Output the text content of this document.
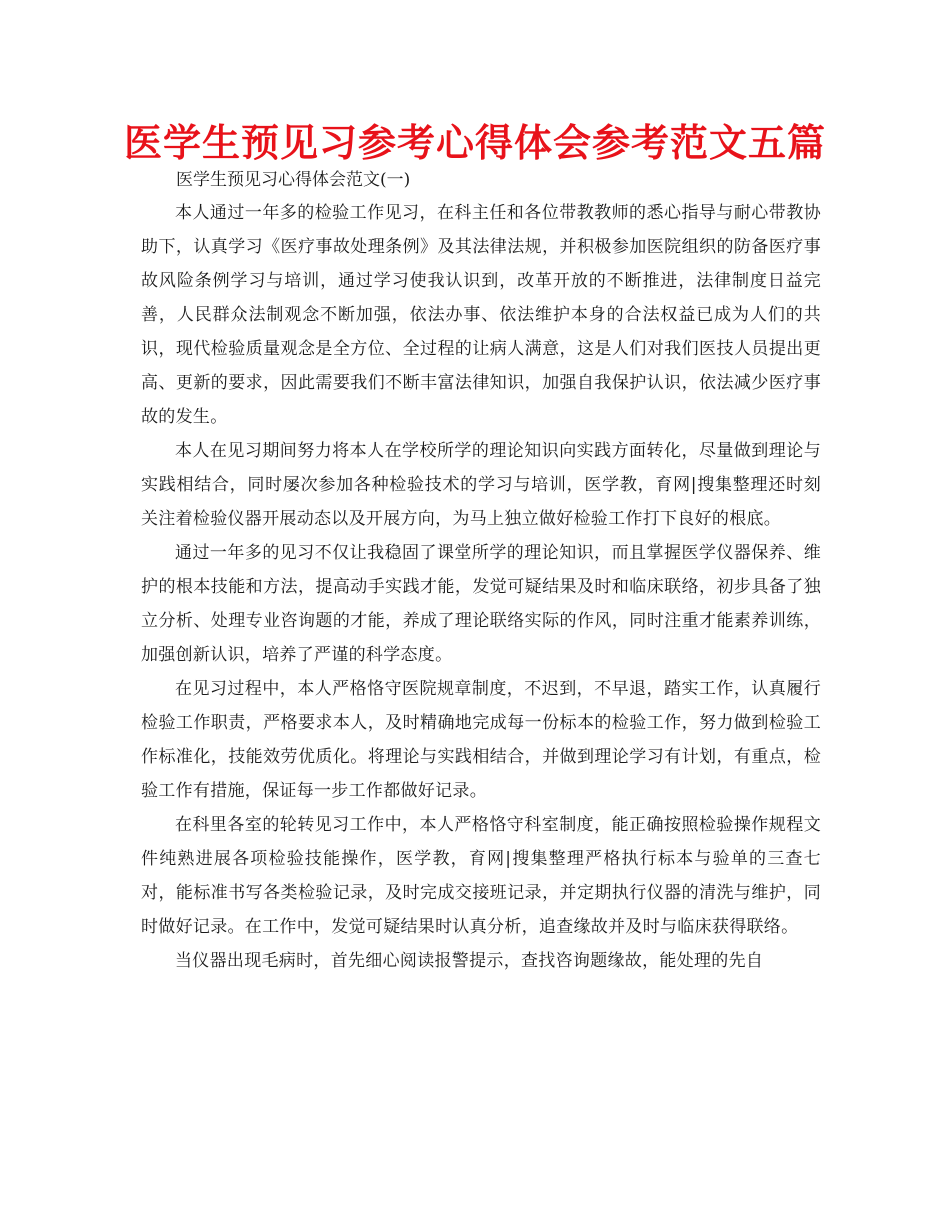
医学生预见习参考心得体会参考范文五篇

医学生预见习心得体会范文(一)

本人通过一年多的检验工作见习，在科主任和各位带教教师的悉心指导与耐心带教协助下，认真学习《医疗事故处理条例》及其法律法规，并积极参加医院组织的防备医疗事故风险条例学习与培训，通过学习使我认识到，改革开放的不断推进，法律制度日益完善，人民群众法制观念不断加强，依法办事、依法维护本身的合法权益已成为人们的共识，现代检验质量观念是全方位、全过程的让病人满意，这是人们对我们医技人员提出更高、更新的要求，因此需要我们不断丰富法律知识，加强自我保护认识，依法减少医疗事故的发生。

本人在见习期间努力将本人在学校所学的理论知识向实践方面转化，尽量做到理论与实践相结合，同时屡次参加各种检验技术的学习与培训，医学教，育网|搜集整理还时刻关注着检验仪器开展动态以及开展方向，为马上独立做好检验工作打下良好的根底。

通过一年多的见习不仅让我稳固了课堂所学的理论知识，而且掌握医学仪器保养、维护的根本技能和方法，提高动手实践才能，发觉可疑结果及时和临床联络，初步具备了独立分析、处理专业咨询题的才能，养成了理论联络实际的作风，同时注重才能素养训练，加强创新认识，培养了严谨的科学态度。

在见习过程中，本人严格恪守医院规章制度，不迟到，不早退，踏实工作，认真履行检验工作职责，严格要求本人，及时精确地完成每一份标本的检验工作，努力做到检验工作标准化，技能效劳优质化。将理论与实践相结合，并做到理论学习有计划，有重点，检验工作有措施，保证每一步工作都做好记录。

在科里各室的轮转见习工作中，本人严格恪守科室制度，能正确按照检验操作规程文件纯熟进展各项检验技能操作，医学教，育网|搜集整理严格执行标本与验单的三查七对，能标准书写各类检验记录，及时完成交接班记录，并定期执行仪器的清洗与维护，同时做好记录。在工作中，发觉可疑结果时认真分析，追查缘故并及时与临床获得联络。

当仪器出现毛病时，首先细心阅读报警提示，查找咨询题缘故，能处理的先自
